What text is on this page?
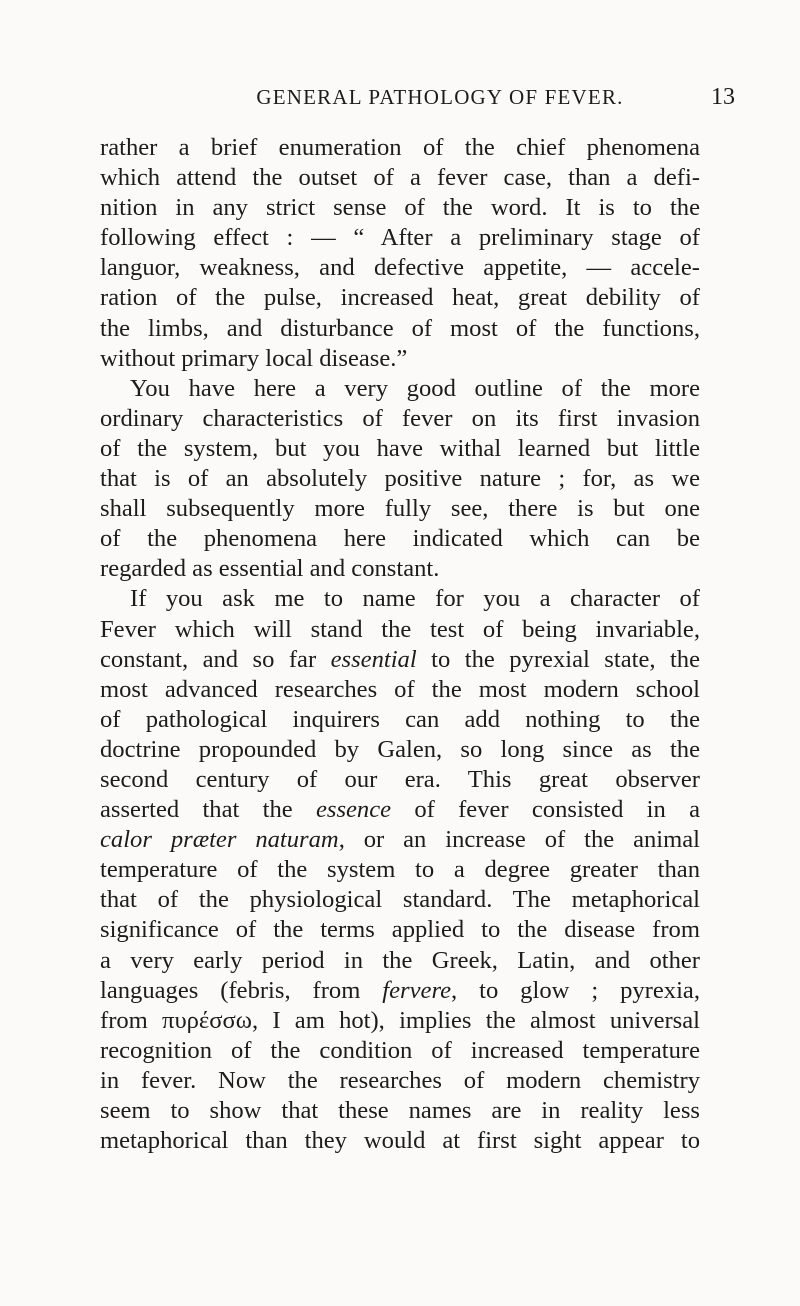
GENERAL PATHOLOGY OF FEVER.	13
rather a brief enumeration of the chief phenomena
which attend the outset of a fever case, than a defi-
nition in any strict sense of the word. It is to the
following effect : — “ After a preliminary stage of
languor, weakness, and defective appetite, — accele-
ration of the pulse, increased heat, great debility of
the limbs, and disturbance of most of the functions,
without primary local disease.”
You have here a very good outline of the more
ordinary characteristics of fever on its first invasion
of the system, but you have withal learned but little
that is of an absolutely positive nature ; for, as we
shall subsequently more fully see, there is but one
of the phenomena here indicated which can be
regarded as essential and constant.
If you ask me to name for you a character of
Fever which will stand the test of being invariable,
constant, and so far essential to the pyrexial state, the
most advanced researches of the most modern school
of pathological inquirers can add nothing to the
doctrine propounded by Galen, so long since as the
second century of our era. This great observer
asserted that the essence of fever consisted in a
calor præter naturam, or an increase of the animal
temperature of the system to a degree greater than
that of the physiological standard. The metaphorical
significance of the terms applied to the disease from
a very early period in the Greek, Latin, and other
languages (febris, from fervere, to glow ; pyrexia,
from πυρέσσω, I am hot), implies the almost universal
recognition of the condition of increased temperature
in fever. Now the researches of modern chemistry
seem to show that these names are in reality less
metaphorical than they would at first sight appear to
